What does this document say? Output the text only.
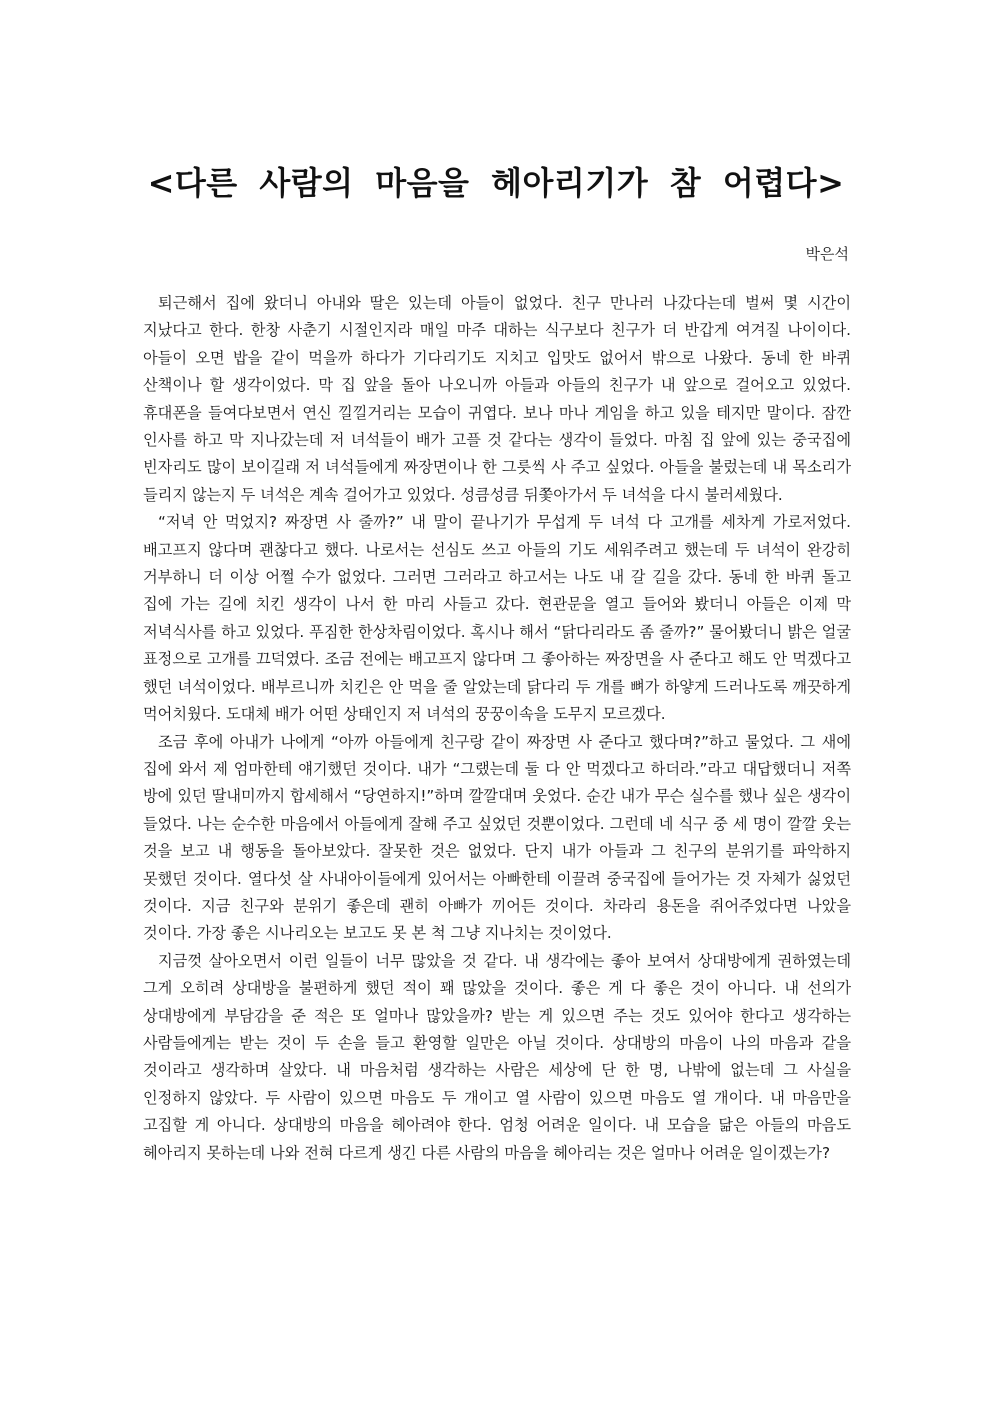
<다른 사람의 마음을 헤아리기가 참 어렵다>

박은석

퇴근해서 집에 왔더니 아내와 딸은 있는데 아들이 없었다. 친구 만나러 나갔다는데 벌써 몇 시간이 지났다고 한다. 한창 사춘기 시절인지라 매일 마주 대하는 식구보다 친구가 더 반갑게 여겨질 나이이다. 아들이 오면 밥을 같이 먹을까 하다가 기다리기도 지치고 입맛도 없어서 밖으로 나왔다. 동네 한 바퀴 산책이나 할 생각이었다. 막 집 앞을 돌아 나오니까 아들과 아들의 친구가 내 앞으로 걸어오고 있었다. 휴대폰을 들여다보면서 연신 낄낄거리는 모습이 귀엽다. 보나 마나 게임을 하고 있을 테지만 말이다. 잠깐 인사를 하고 막 지나갔는데 저 녀석들이 배가 고플 것 같다는 생각이 들었다. 마침 집 앞에 있는 중국집에 빈자리도 많이 보이길래 저 녀석들에게 짜장면이나 한 그릇씩 사 주고 싶었다. 아들을 불렀는데 내 목소리가 들리지 않는지 두 녀석은 계속 걸어가고 있었다. 성큼성큼 뒤쫓아가서 두 녀석을 다시 불러세웠다.

“저녁 안 먹었지? 짜장면 사 줄까?” 내 말이 끝나기가 무섭게 두 녀석 다 고개를 세차게 가로저었다. 배고프지 않다며 괜찮다고 했다. 나로서는 선심도 쓰고 아들의 기도 세워주려고 했는데 두 녀석이 완강히 거부하니 더 이상 어쩔 수가 없었다. 그러면 그러라고 하고서는 나도 내 갈 길을 갔다. 동네 한 바퀴 돌고 집에 가는 길에 치킨 생각이 나서 한 마리 사들고 갔다. 현관문을 열고 들어와 봤더니 아들은 이제 막 저녁식사를 하고 있었다. 푸짐한 한상차림이었다. 혹시나 해서 “닭다리라도 좀 줄까?” 물어봤더니 밝은 얼굴 표정으로 고개를 끄덕였다. 조금 전에는 배고프지 않다며 그 좋아하는 짜장면을 사 준다고 해도 안 먹겠다고 했던 녀석이었다. 배부르니까 치킨은 안 먹을 줄 알았는데 닭다리 두 개를 뼈가 하얗게 드러나도록 깨끗하게 먹어치웠다. 도대체 배가 어떤 상태인지 저 녀석의 꿍꿍이속을 도무지 모르겠다.

조금 후에 아내가 나에게 “아까 아들에게 친구랑 같이 짜장면 사 준다고 했다며?”하고 물었다. 그 새에 집에 와서 제 엄마한테 얘기했던 것이다. 내가 “그랬는데 둘 다 안 먹겠다고 하더라.”라고 대답했더니 저쪽 방에 있던 딸내미까지 합세해서 “당연하지!”하며 깔깔대며 웃었다. 순간 내가 무슨 실수를 했나 싶은 생각이 들었다. 나는 순수한 마음에서 아들에게 잘해 주고 싶었던 것뿐이었다. 그런데 네 식구 중 세 명이 깔깔 웃는 것을 보고 내 행동을 돌아보았다. 잘못한 것은 없었다. 단지 내가 아들과 그 친구의 분위기를 파악하지 못했던 것이다. 열다섯 살 사내아이들에게 있어서는 아빠한테 이끌려 중국집에 들어가는 것 자체가 싫었던 것이다. 지금 친구와 분위기 좋은데 괜히 아빠가 끼어든 것이다. 차라리 용돈을 쥐어주었다면 나았을 것이다. 가장 좋은 시나리오는 보고도 못 본 척 그냥 지나치는 것이었다.

지금껏 살아오면서 이런 일들이 너무 많았을 것 같다. 내 생각에는 좋아 보여서 상대방에게 권하였는데 그게 오히려 상대방을 불편하게 했던 적이 꽤 많았을 것이다. 좋은 게 다 좋은 것이 아니다. 내 선의가 상대방에게 부담감을 준 적은 또 얼마나 많았을까? 받는 게 있으면 주는 것도 있어야 한다고 생각하는 사람들에게는 받는 것이 두 손을 들고 환영할 일만은 아닐 것이다. 상대방의 마음이 나의 마음과 같을 것이라고 생각하며 살았다. 내 마음처럼 생각하는 사람은 세상에 단 한 명, 나밖에 없는데 그 사실을 인정하지 않았다. 두 사람이 있으면 마음도 두 개이고 열 사람이 있으면 마음도 열 개이다. 내 마음만을 고집할 게 아니다. 상대방의 마음을 헤아려야 한다. 엄청 어려운 일이다. 내 모습을 닮은 아들의 마음도 헤아리지 못하는데 나와 전혀 다르게 생긴 다른 사람의 마음을 헤아리는 것은 얼마나 어려운 일이겠는가?
